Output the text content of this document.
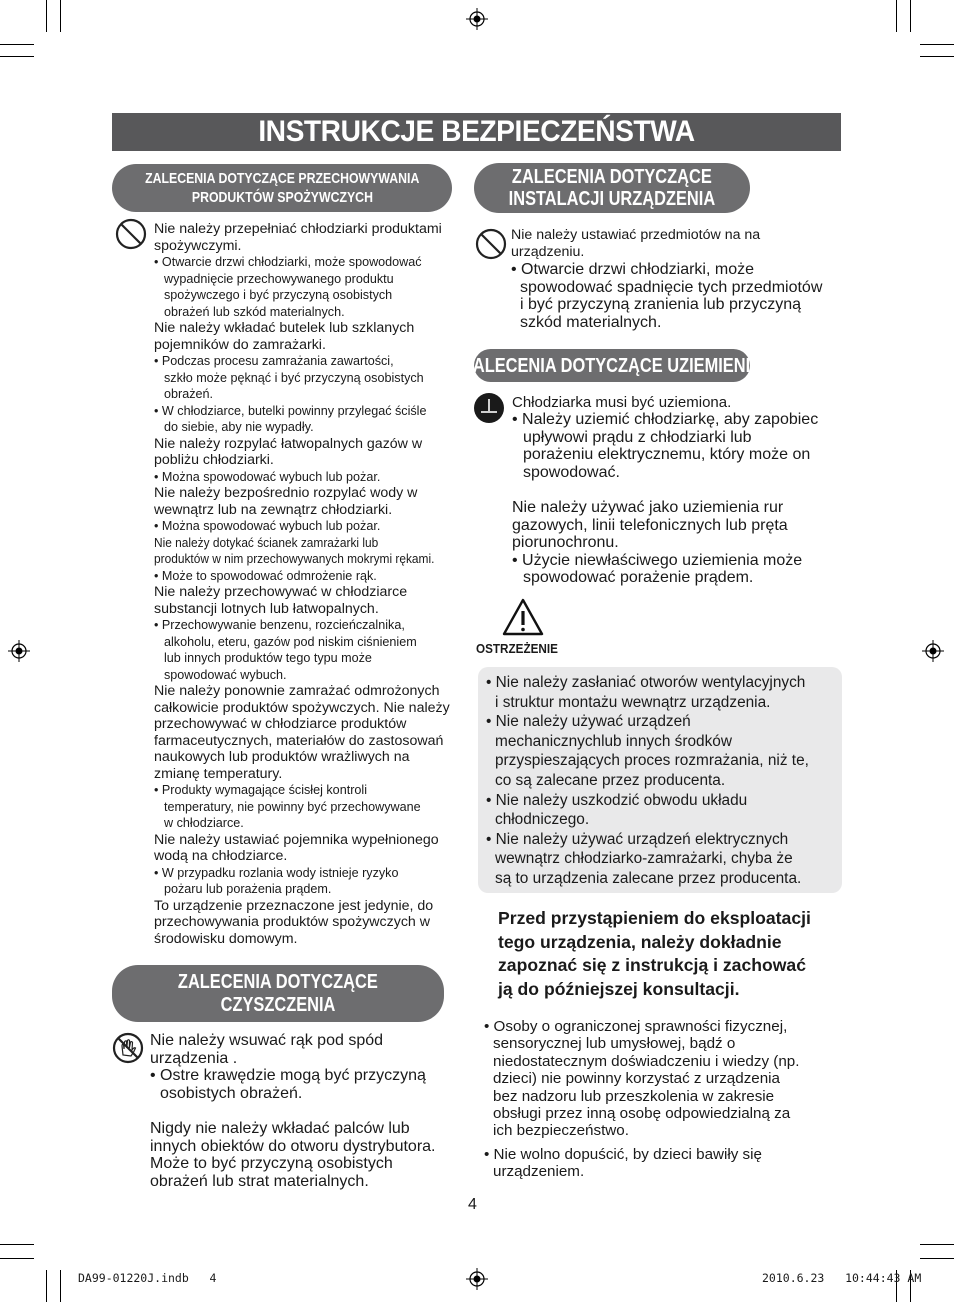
INSTRUKCJE BEZPIECZEŃSTWA
ZALECENIA DOTYCZĄCE PRZECHOWYWANIA
PRODUKTÓW SPOŻYWCZYCH
Nie należy przepełniać chłodziarki produktami
spożywczymi.
• Otwarcie drzwi chłodziarki, może spowodować
wypadnięcie przechowywanego produktu
spożywczego i być przyczyną osobistych
obrażeń lub szkód materialnych.
Nie należy wkładać butelek lub szklanych
pojemników do zamrażarki.
• Podczas procesu zamrażania zawartości,
szkło może pęknąć i być przyczyną osobistych
obrażeń.
• W chłodziarce, butelki powinny przylegać ściśle
do siebie, aby nie wypadły.
Nie należy rozpylać łatwopalnych gazów w
pobliżu chłodziarki.
• Można spowodować wybuch lub pożar.
Nie należy bezpośrednio rozpylać wody w
wewnątrz lub na zewnątrz chłodziarki.
• Można spowodować wybuch lub pożar.
Nie należy dotykać ścianek zamrażarki lub
produktów w nim przechowywanych mokrymi rękami.
• Może to spowodować odmrożenie rąk.
Nie należy przechowywać w chłodziarce
substancji lotnych lub łatwopalnych.
• Przechowywanie benzenu, rozcieńczalnika,
alkoholu, eteru, gazów pod niskim ciśnieniem
lub innych produktów tego typu może
spowodować wybuch.
Nie należy ponownie zamrażać odmrożonych
całkowicie produktów spożywczych. Nie należy
przechowywać w chłodziarce produktów
farmaceutycznych, materiałów do zastosowań
naukowych lub produktów wrażliwych na
zmianę temperatury.
• Produkty wymagające ścisłej kontroli
temperatury, nie powinny być przechowywane
w chłodziarce.
Nie należy ustawiać pojemnika wypełnionego
wodą na chłodziarce.
• W przypadku rozlania wody istnieje ryzyko
pożaru lub porażenia prądem.
To urządzenie przeznaczone jest jedynie, do
przechowywania produktów spożywczych w
środowisku domowym.
ZALECENIA DOTYCZĄCE
CZYSZCZENIA
Nie należy wsuwać rąk pod spód
urządzenia .
• Ostre krawędzie mogą być przyczyną
osobistych obrażeń.

Nigdy nie należy wkładać palców lub
innych obiektów do otworu dystrybutora.
Może to być przyczyną osobistych
obrażeń lub strat materialnych.
ZALECENIA DOTYCZĄCE
INSTALACJI URZĄDZENIA
Nie należy ustawiać przedmiotów na na
urządzeniu.
• Otwarcie drzwi chłodziarki, może
spowodować spadnięcie tych przedmiotów
i być przyczyną zranienia lub przyczyną
szkód materialnych.
ZALECENIA DOTYCZĄCE UZIEMIENIA
Chłodziarka musi być uziemiona.
• Należy uziemić chłodziarkę, aby zapobiec
upływowi prądu z chłodziarki lub
porażeniu elektrycznemu, który może on
spowodować.

Nie należy używać jako uziemienia rur
gazowych, linii telefonicznych lub pręta
piorunochronu.
• Użycie niewłaściwego uziemienia może
spowodować porażenie prądem.
OSTRZEŻENIE
• Nie należy zasłaniać otworów wentylacyjnych
i struktur montażu wewnątrz urządzenia.
• Nie należy używać urządzeń
mechanicznychlub innych środków
przyspieszających proces rozmrażania, niż te,
co są zalecane przez producenta.
• Nie należy uszkodzić obwodu układu
chłodniczego.
• Nie należy używać urządzeń elektrycznych
wewnątrz chłodziarko-zamrażarki, chyba że
są to urządzenia zalecane przez producenta.
Przed przystąpieniem do eksploatacji
tego urządzenia, należy dokładnie
zapoznać się z instrukcją i zachować
ją do późniejszej konsultacji.
• Osoby o ograniczonej sprawności fizycznej,
sensorycznej lub umysłowej, bądź o
niedostatecznym doświadczeniu i wiedzy (np.
dzieci) nie powinny korzystać z urządzenia
bez nadzoru lub przeszkolenia w zakresie
obsługi przez inną osobę odpowiedzialną za
ich bezpieczeństwo.
• Nie wolno dopuścić, by dzieci bawiły się
urządzeniem.
4
DA99-01220J.indb   4	2010.6.23   10:44:43 AM
